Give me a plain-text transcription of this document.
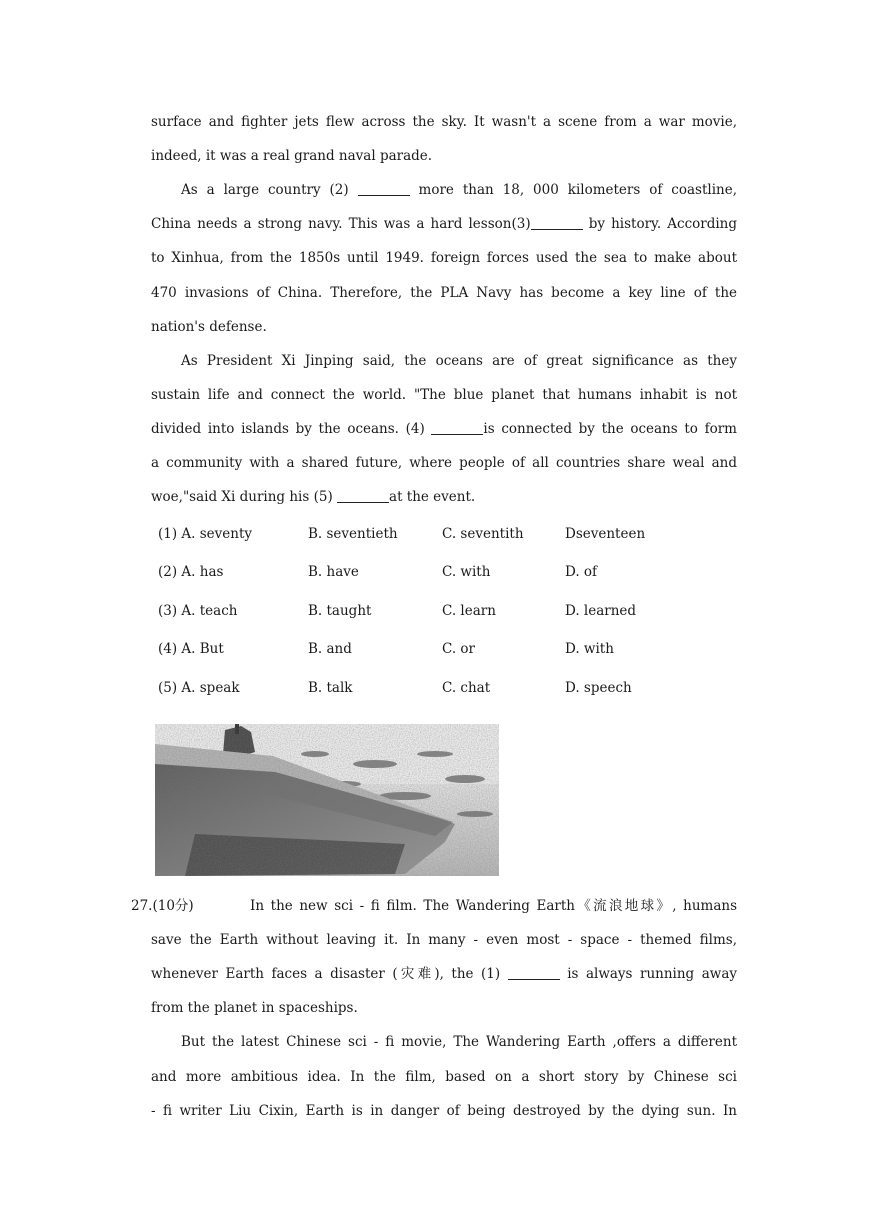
surface and fighter jets flew across the sky. It wasn't a scene from a war movie,
indeed, it was a real grand naval parade.
As a large country (2)	more than 18, 000 kilometers of coastline,
China needs a strong navy. This was a hard lesson(3)	by history. According
to Xinhua, from the 1850s until 1949. foreign forces used the sea to make about
470 invasions of China. Therefore, the PLA Navy has become a key line of the
nation's defense.
As President Xi Jinping said, the oceans are of great significance as they
sustain life and connect the world. "The blue planet that humans inhabit is not
divided into islands by the oceans. (4)	is connected by the oceans to form
a community with a shared future, where people of all countries share weal and
woe,"said Xi during his (5)	at the event.
(1) A. seventy	B. seventieth	C. seventith	Dseventeen
(2) A. has	B. have	C. with	D. of
(3) A. teach	B. taught	C. learn	D. learned
(4) A. But	B. and	C. or	D. with
(5) A. speak	B. talk	C. chat	D. speech
27.(10分)	In the new sci - fi film. The Wandering Earth《流浪地球》, humans
save the Earth without leaving it. In many - even most - space - themed films,
whenever Earth faces a disaster (灾难), the (1)	is always running away
from the planet in spaceships.
But the latest Chinese sci - fi movie, The Wandering Earth ,offers a different
and more ambitious idea. In the film, based on a short story by Chinese sci
- fi writer Liu Cixin, Earth is in danger of being destroyed by the dying sun. In
